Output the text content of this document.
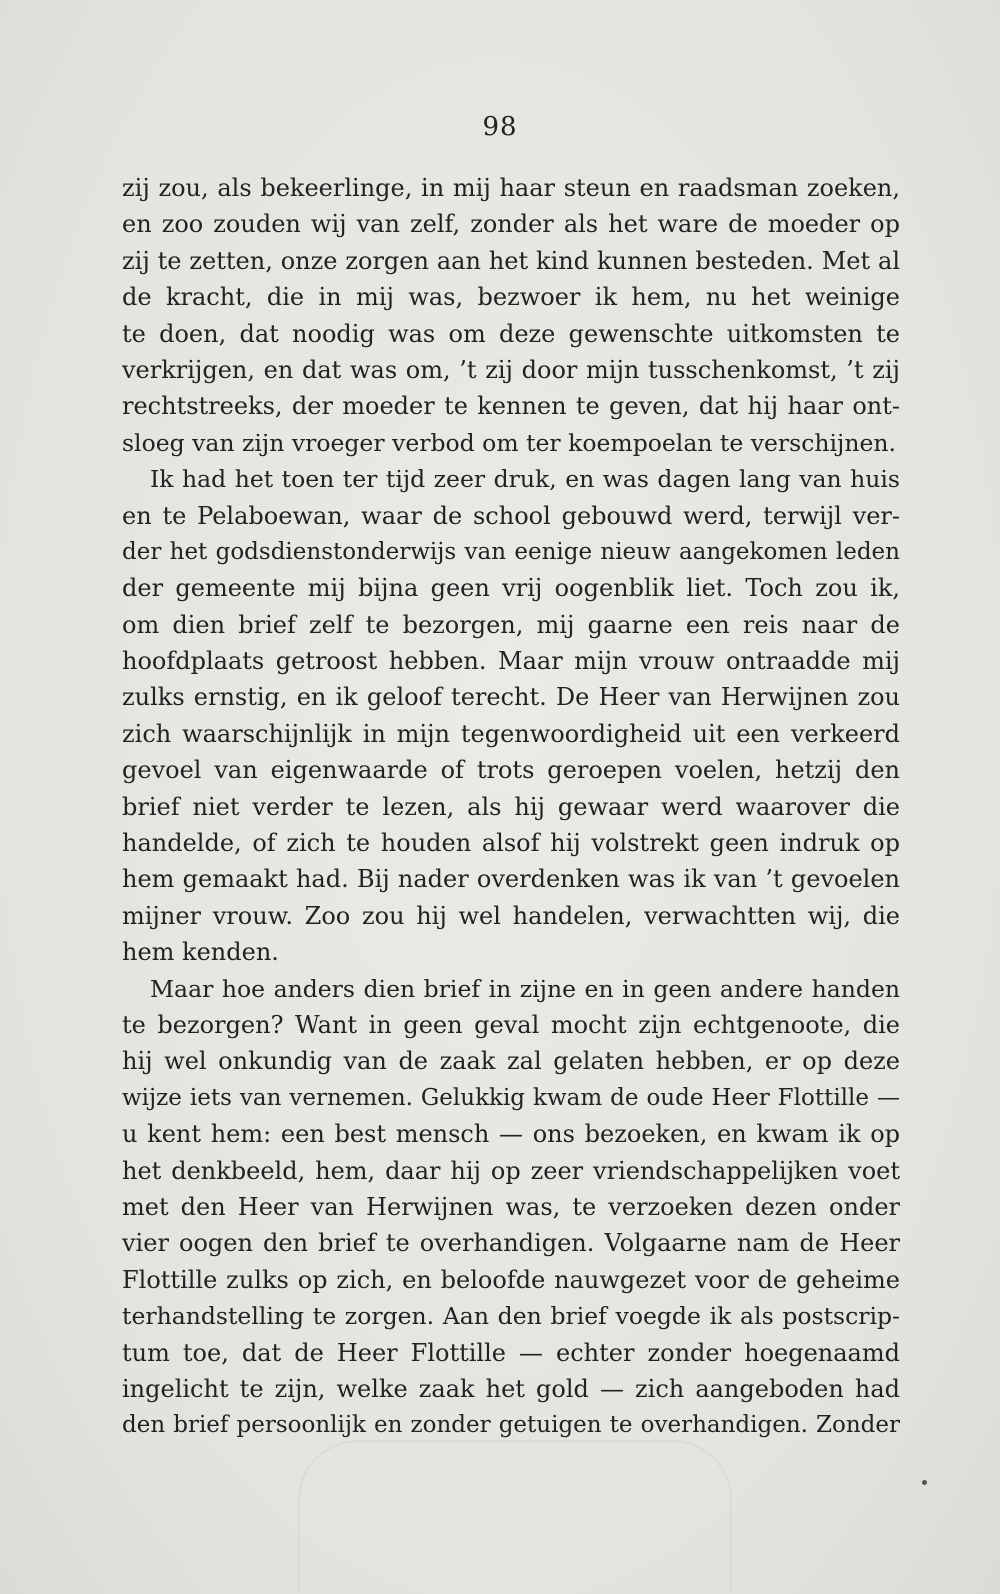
98
zij zou, als bekeerlinge, in mij haar steun en raadsman zoeken,
en zoo zouden wij van zelf, zonder als het ware de moeder op
zij te zetten, onze zorgen aan het kind kunnen besteden. Met al
de kracht, die in mij was, bezwoer ik hem, nu het weinige
te doen, dat noodig was om deze gewenschte uitkomsten te
verkrijgen, en dat was om, ’t zij door mijn tusschenkomst, ’t zij
rechtstreeks, der moeder te kennen te geven, dat hij haar ont-
sloeg van zijn vroeger verbod om ter koempoelan te verschijnen.
Ik had het toen ter tijd zeer druk, en was dagen lang van huis
en te Pelaboewan, waar de school gebouwd werd, terwijl ver-
der het godsdienstonderwijs van eenige nieuw aangekomen leden
der gemeente mij bijna geen vrij oogenblik liet. Toch zou ik,
om dien brief zelf te bezorgen, mij gaarne een reis naar de
hoofdplaats getroost hebben. Maar mijn vrouw ontraadde mij
zulks ernstig, en ik geloof terecht. De Heer van Herwijnen zou
zich waarschijnlijk in mijn tegenwoordigheid uit een verkeerd
gevoel van eigenwaarde of trots geroepen voelen, hetzij den
brief niet verder te lezen, als hij gewaar werd waarover die
handelde, of zich te houden alsof hij volstrekt geen indruk op
hem gemaakt had. Bij nader overdenken was ik van ’t gevoelen
mijner vrouw. Zoo zou hij wel handelen, verwachtten wij, die
hem kenden.
Maar hoe anders dien brief in zijne en in geen andere handen
te bezorgen? Want in geen geval mocht zijn echtgenoote, die
hij wel onkundig van de zaak zal gelaten hebben, er op deze
wijze iets van vernemen. Gelukkig kwam de oude Heer Flottille —
u kent hem: een best mensch — ons bezoeken, en kwam ik op
het denkbeeld, hem, daar hij op zeer vriendschappelijken voet
met den Heer van Herwijnen was, te verzoeken dezen onder
vier oogen den brief te overhandigen. Volgaarne nam de Heer
Flottille zulks op zich, en beloofde nauwgezet voor de geheime
terhandstelling te zorgen. Aan den brief voegde ik als postscrip-
tum toe, dat de Heer Flottille — echter zonder hoegenaamd
ingelicht te zijn, welke zaak het gold — zich aangeboden had
den brief persoonlijk en zonder getuigen te overhandigen. Zonder
